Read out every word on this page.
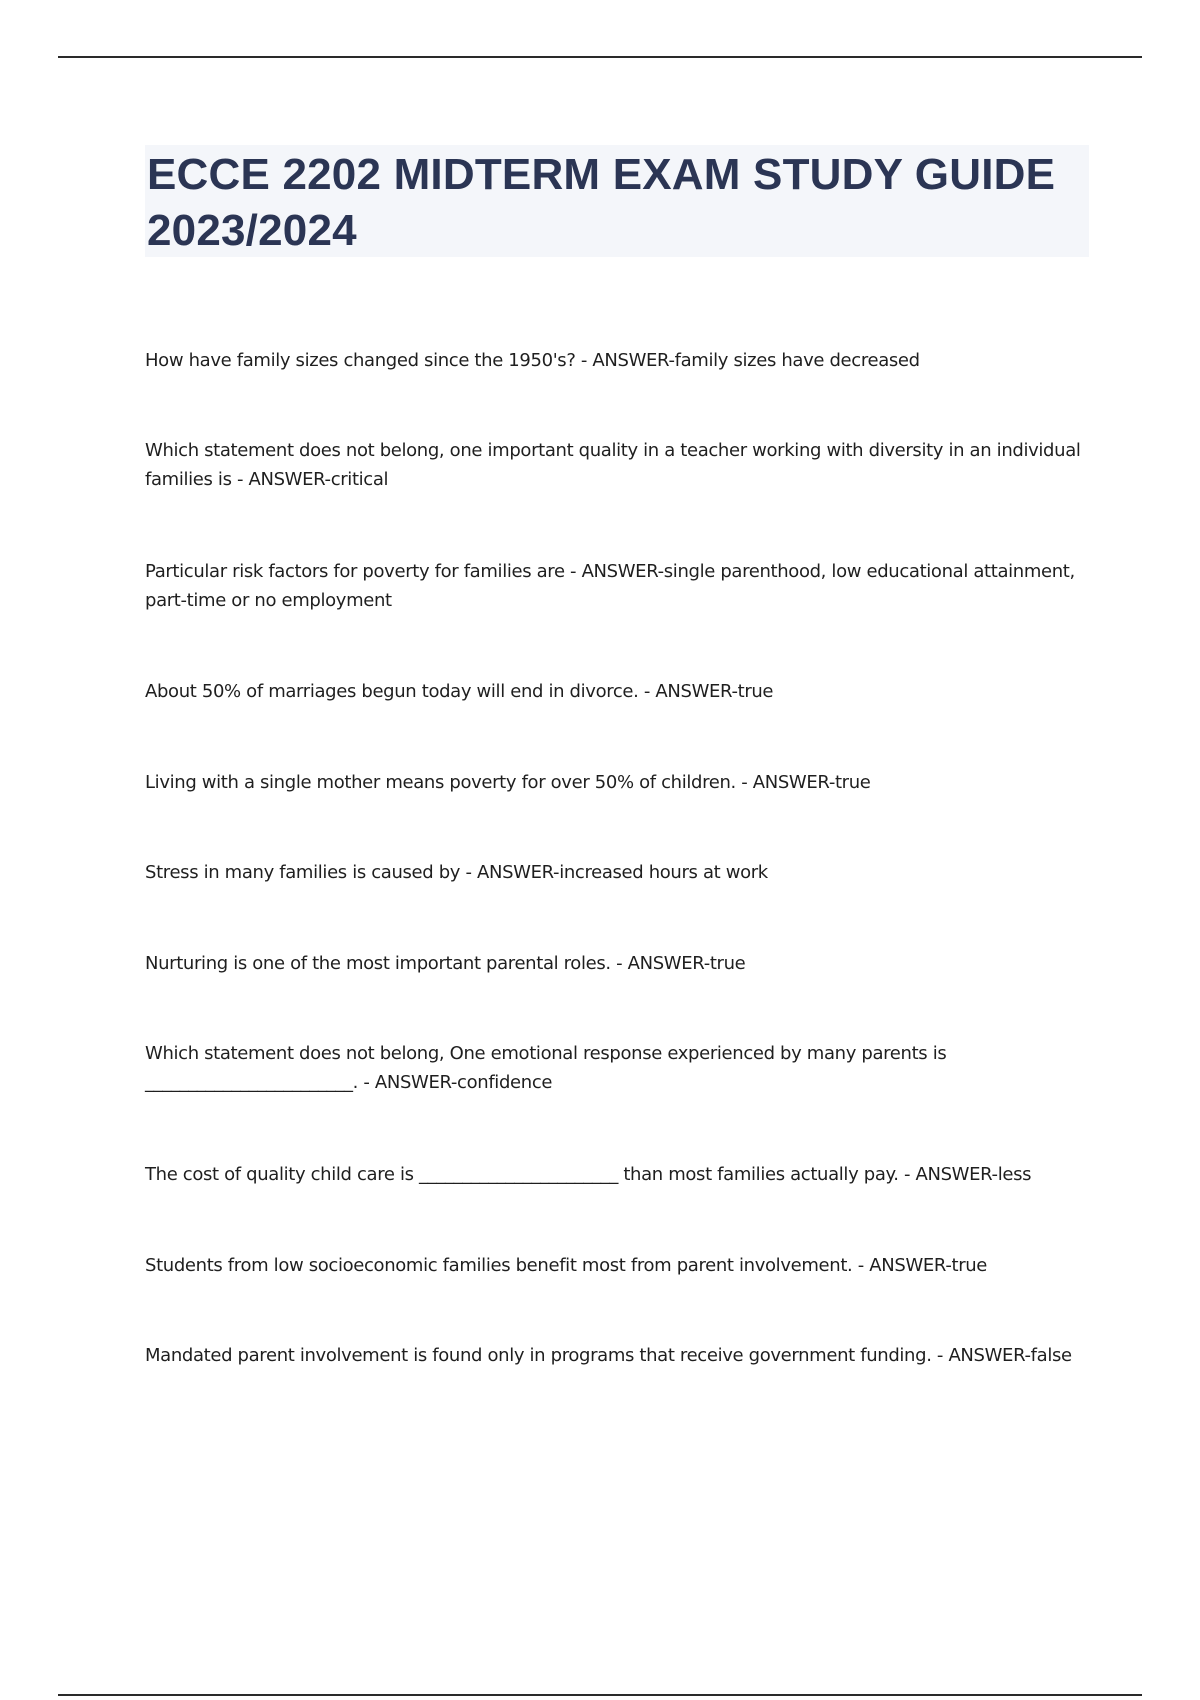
ECCE 2202 MIDTERM EXAM STUDY GUIDE 2023/2024

How have family sizes changed since the 1950's? - ANSWER-family sizes have decreased

Which statement does not belong, one important quality in a teacher working with diversity in an individual families is - ANSWER-critical

Particular risk factors for poverty for families are - ANSWER-single parenthood, low educational attainment, part-time or no employment

About 50% of marriages begun today will end in divorce. - ANSWER-true

Living with a single mother means poverty for over 50% of children. - ANSWER-true

Stress in many families is caused by - ANSWER-increased hours at work

Nurturing is one of the most important parental roles. - ANSWER-true

Which statement does not belong, One emotional response experienced by many parents is ________________________. - ANSWER-confidence

The cost of quality child care is _______________________ than most families actually pay. - ANSWER-less

Students from low socioeconomic families benefit most from parent involvement. - ANSWER-true

Mandated parent involvement is found only in programs that receive government funding. - ANSWER-false
